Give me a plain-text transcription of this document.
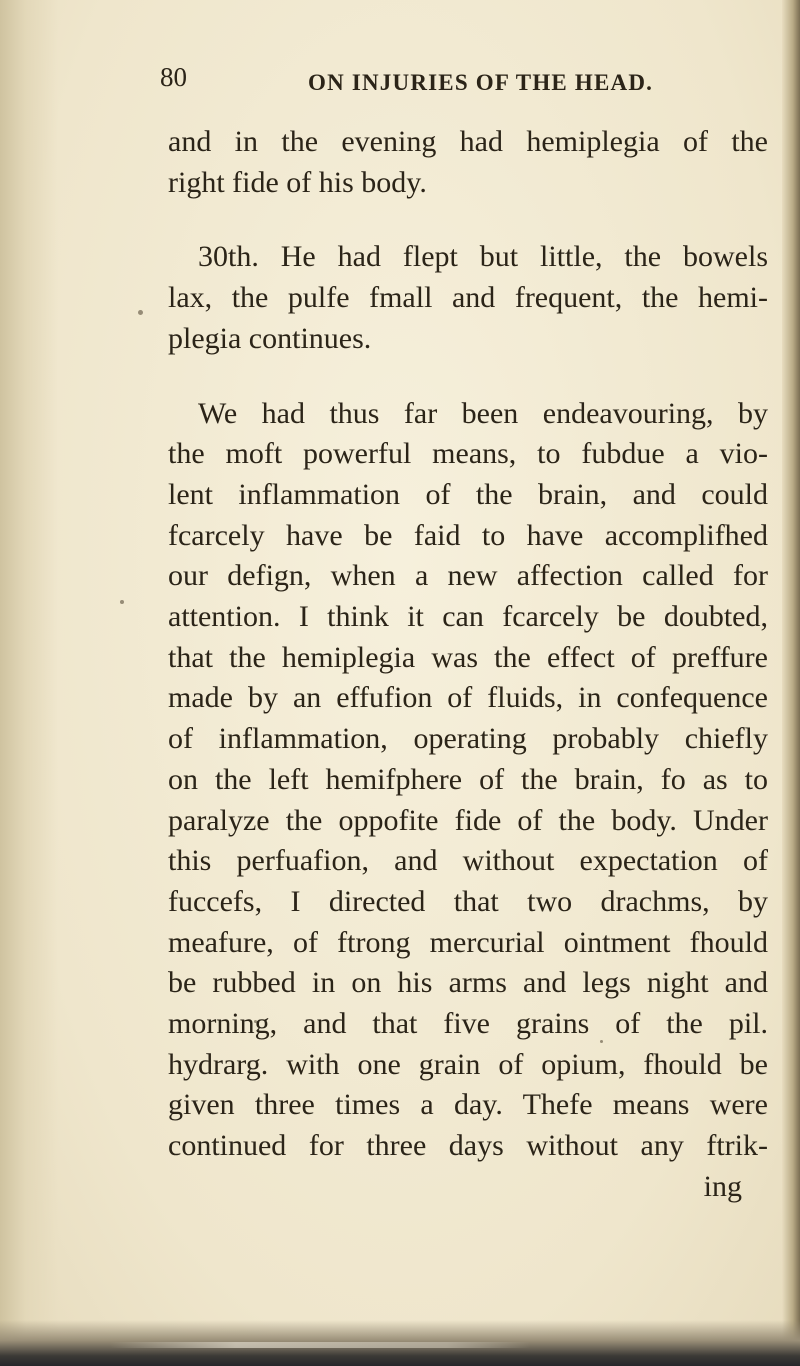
80	ON INJURIES OF THE HEAD.
and in the evening had hemiplegia of the
right fide of his body.
30th. He had flept but little, the bowels
lax, the pulfe fmall and frequent, the hemi-
plegia continues.
We had thus far been endeavouring, by
the moft powerful means, to fubdue a vio-
lent inflammation of the brain, and could
fcarcely have be faid to have accomplifhed
our defign, when a new affection called for
attention. I think it can fcarcely be doubted,
that the hemiplegia was the effect of preffure
made by an effufion of fluids, in confequence
of inflammation, operating probably chiefly
on the left hemifphere of the brain, fo as to
paralyze the oppofite fide of the body. Under
this perfuafion, and without expectation of
fuccefs, I directed that two drachms, by
meafure, of ftrong mercurial ointment fhould
be rubbed in on his arms and legs night and
morning, and that five grains of the pil.
hydrarg. with one grain of opium, fhould be
given three times a day. Thefe means were
continued for three days without any ftrik-
ing
